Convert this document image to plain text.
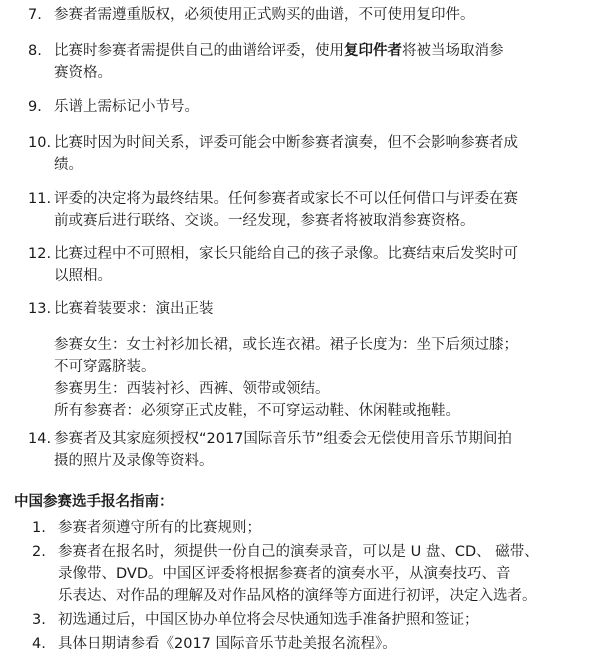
7. 参赛者需遵重版权，必须使用正式购买的曲谱，不可使用复印件。
8. 比赛时参赛者需提供自己的曲谱给评委，使用复印件者将被当场取消参
赛资格。
9. 乐谱上需标记小节号。
10. 比赛时因为时间关系，评委可能会中断参赛者演奏，但不会影响参赛者成
绩。
11. 评委的决定将为最终结果。任何参赛者或家长不可以任何借口与评委在赛
前或赛后进行联络、交谈。一经发现，参赛者将被取消参赛资格。
12. 比赛过程中不可照相，家长只能给自己的孩子录像。比赛结束后发奖时可
以照相。
13. 比赛着装要求：演出正装
参赛女生：女士衬衫加长裙，或长连衣裙。裙子长度为：坐下后须过膝；
不可穿露脐装。
参赛男生：西装衬衫、西裤、领带或领结。
所有参赛者：必须穿正式皮鞋，不可穿运动鞋、休闲鞋或拖鞋。
14. 参赛者及其家庭须授权“2017国际音乐节”组委会无偿使用音乐节期间拍
摄的照片及录像等资料。
中国参赛选手报名指南：
1. 参赛者须遵守所有的比赛规则；
2. 参赛者在报名时，须提供一份自己的演奏录音，可以是 U 盘、CD、 磁带、
录像带、DVD。中国区评委将根据参赛者的演奏水平，从演奏技巧、音
乐表达、对作品的理解及对作品风格的演绎等方面进行初评，决定入选者。
3. 初选通过后，中国区协办单位将会尽快通知选手准备护照和签证；
4. 具体日期请参看《2017 国际音乐节赴美报名流程》。
